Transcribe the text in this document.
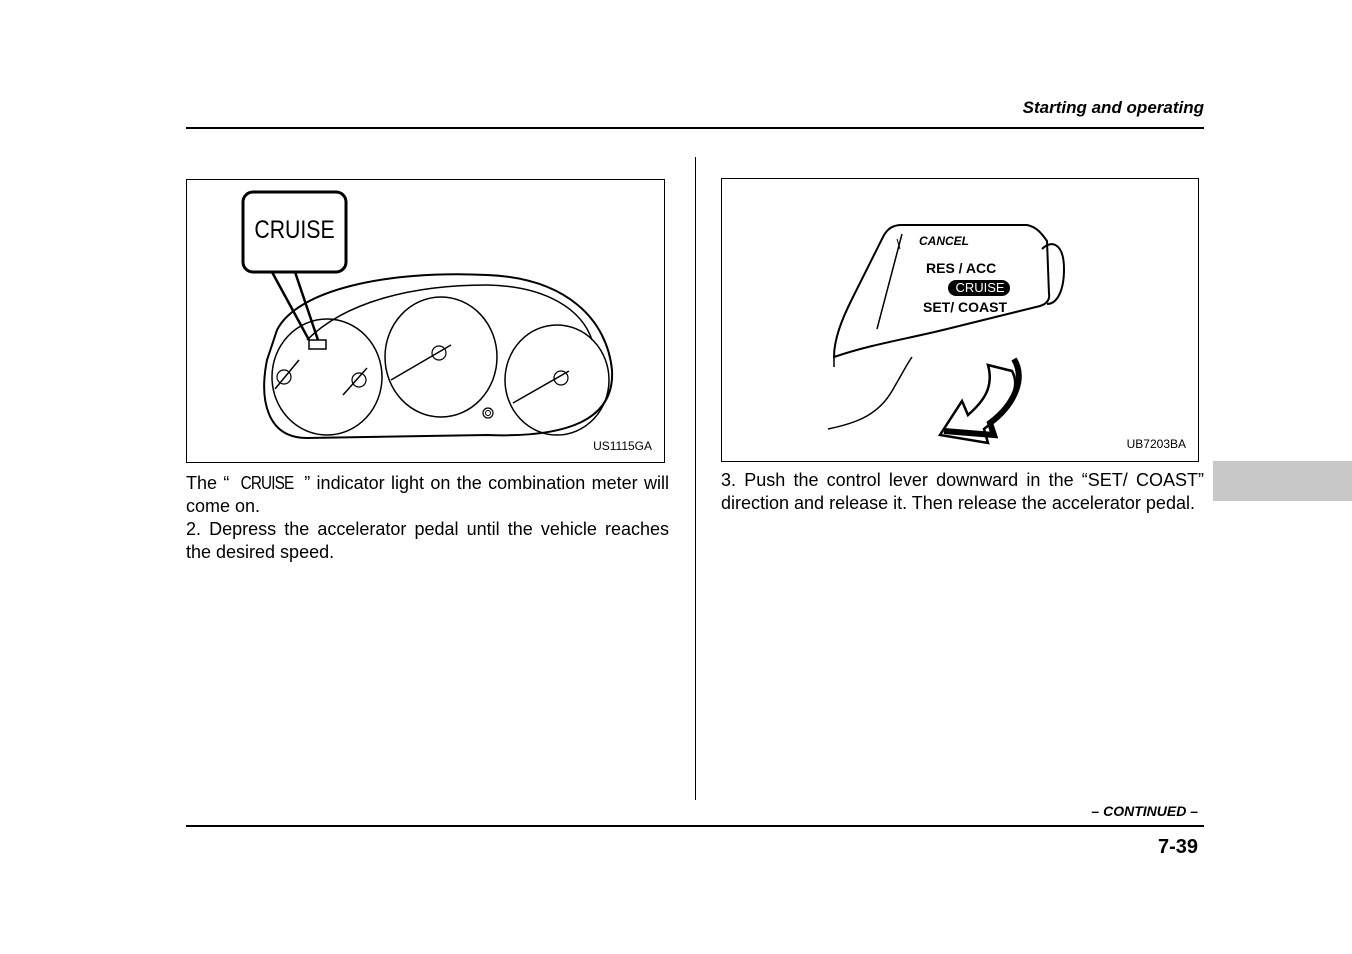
Starting and operating
CRUISE
US1115GA
CANCEL
RES / ACC
CRUISE
SET/ COAST
UB7203BA
The “ CRUISE ” indicator light on the combination meter will come on.
2. Depress the accelerator pedal until the vehicle reaches the desired speed.
3. Push the control lever downward in the “SET/ COAST” direction and release it. Then release the accelerator pedal.
– CONTINUED –
7-39
